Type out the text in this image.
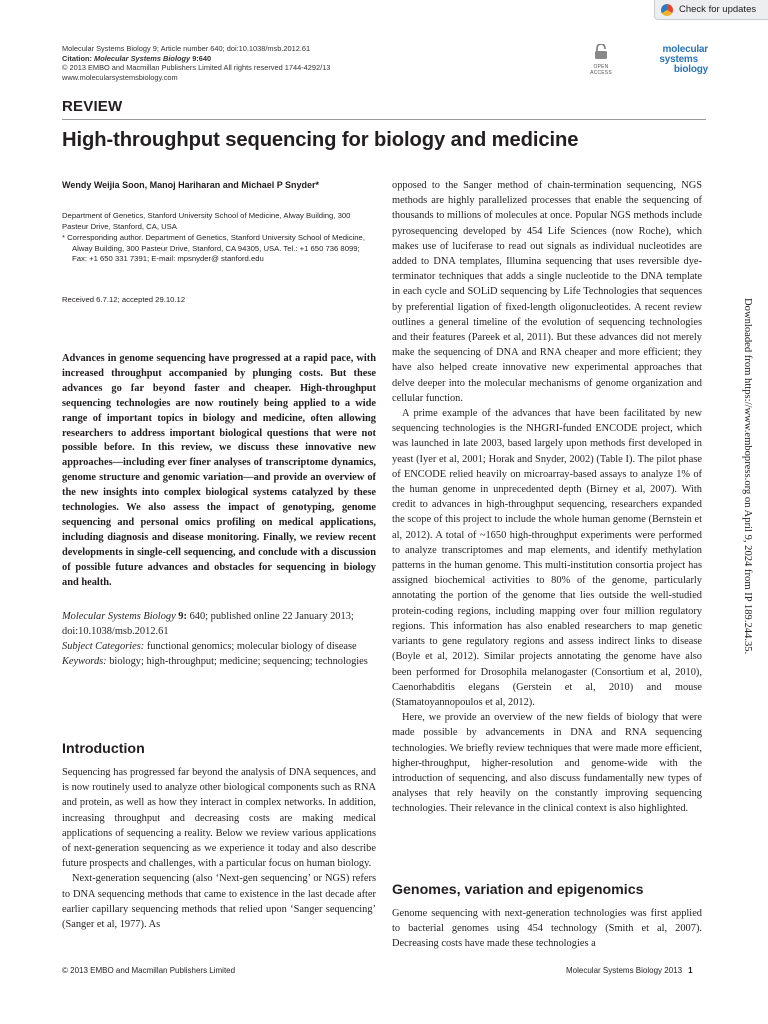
Check for updates
Molecular Systems Biology 9; Article number 640; doi:10.1038/msb.2012.61
Citation: Molecular Systems Biology 9:640
© 2013 EMBO and Macmillan Publishers Limited All rights reserved 1744-4292/13
www.molecularsystemsbiology.com
OPEN
ACCESS
molecular
systems
biology
REVIEW
High-throughput sequencing for biology and medicine
Wendy Weijia Soon, Manoj Hariharan and Michael P Snyder*
Department of Genetics, Stanford University School of Medicine, Alway Building, 300 Pasteur Drive, Stanford, CA, USA
* Corresponding author. Department of Genetics, Stanford University School of Medicine, Alway Building, 300 Pasteur Drive, Stanford, CA 94305, USA. Tel.: +1 650 736 8099; Fax: +1 650 331 7391; E-mail: mpsnyder@ stanford.edu
Received 6.7.12; accepted 29.10.12
Advances in genome sequencing have progressed at a rapid pace, with increased throughput accompanied by plunging costs. But these advances go far beyond faster and cheaper. High-throughput sequencing technologies are now routinely being applied to a wide range of important topics in biology and medicine, often allowing researchers to address important biological questions that were not possible before. In this review, we discuss these innovative new approaches—including ever finer analyses of transcriptome dynamics, genome structure and genomic variation—and provide an overview of the new insights into complex biological systems catalyzed by these technologies. We also assess the impact of genotyping, genome sequencing and personal omics profiling on medical applications, including diagnosis and disease monitoring. Finally, we review recent developments in single-cell sequencing, and conclude with a discussion of possible future advances and obstacles for sequencing in biology and health.
Molecular Systems Biology 9: 640; published online 22 January 2013; doi:10.1038/msb.2012.61
Subject Categories: functional genomics; molecular biology of disease
Keywords: biology; high-throughput; medicine; sequencing; technologies
Introduction

Sequencing has progressed far beyond the analysis of DNA sequences, and is now routinely used to analyze other biological components such as RNA and protein, as well as how they interact in complex networks. In addition, increasing throughput and decreasing costs are making medical applications of sequencing a reality. Below we review various applications of next-generation sequencing as we experience it today and also describe future prospects and challenges, with a particular focus on human biology.

Next-generation sequencing (also ‘Next-gen sequencing’ or NGS) refers to DNA sequencing methods that came to existence in the last decade after earlier capillary sequencing methods that relied upon ‘Sanger sequencing’ (Sanger et al, 1977). As

opposed to the Sanger method of chain-termination sequencing, NGS methods are highly parallelized processes that enable the sequencing of thousands to millions of molecules at once. Popular NGS methods include pyrosequencing developed by 454 Life Sciences (now Roche), which makes use of luciferase to read out signals as individual nucleotides are added to DNA templates, Illumina sequencing that uses reversible dye-terminator techniques that adds a single nucleotide to the DNA template in each cycle and SOLiD sequencing by Life Technologies that sequences by preferential ligation of fixed-length oligonucleotides. A recent review outlines a general timeline of the evolution of sequencing technologies and their features (Pareek et al, 2011). But these advances did not merely make the sequencing of DNA and RNA cheaper and more efficient; they have also helped create innovative new experimental approaches that delve deeper into the molecular mechanisms of genome organization and cellular function.

A prime example of the advances that have been facilitated by new sequencing technologies is the NHGRI-funded ENCODE project, which was launched in late 2003, based largely upon methods first developed in yeast (Iyer et al, 2001; Horak and Snyder, 2002) (Table I). The pilot phase of ENCODE relied heavily on microarray-based assays to analyze 1% of the human genome in unprecedented depth (Birney et al, 2007). With credit to advances in high-throughput sequencing, researchers expanded the scope of this project to include the whole human genome (Bernstein et al, 2012). A total of ~1650 high-throughput experiments were performed to analyze transcriptomes and map elements, and identify methylation patterns in the human genome. This multi-institution consortia project has assigned biochemical activities to 80% of the genome, particularly annotating the portion of the genome that lies outside the well-studied protein-coding regions, including mapping over four million regulatory regions. This information has also enabled researchers to map genetic variants to gene regulatory regions and assess indirect links to disease (Boyle et al, 2012). Similar projects annotating the genome have also been performed for Drosophila melanogaster (Consortium et al, 2010), Caenorhabditis elegans (Gerstein et al, 2010) and mouse (Stamatoyannopoulos et al, 2012).

Here, we provide an overview of the new fields of biology that were made possible by advancements in DNA and RNA sequencing technologies. We briefly review techniques that were made more efficient, higher-throughput, higher-resolution and genome-wide with the introduction of sequencing, and also discuss fundamentally new types of analyses that rely heavily on the constantly improving sequencing technologies. Their relevance in the clinical context is also highlighted.

Genomes, variation and epigenomics

Genome sequencing with next-generation technologies was first applied to bacterial genomes using 454 technology (Smith et al, 2007). Decreasing costs have made these technologies a

Downloaded from https://www.embopress.org on April 9, 2024 from IP 189.244.35.
© 2013 EMBO and Macmillan Publishers Limited	Molecular Systems Biology 2013 1
